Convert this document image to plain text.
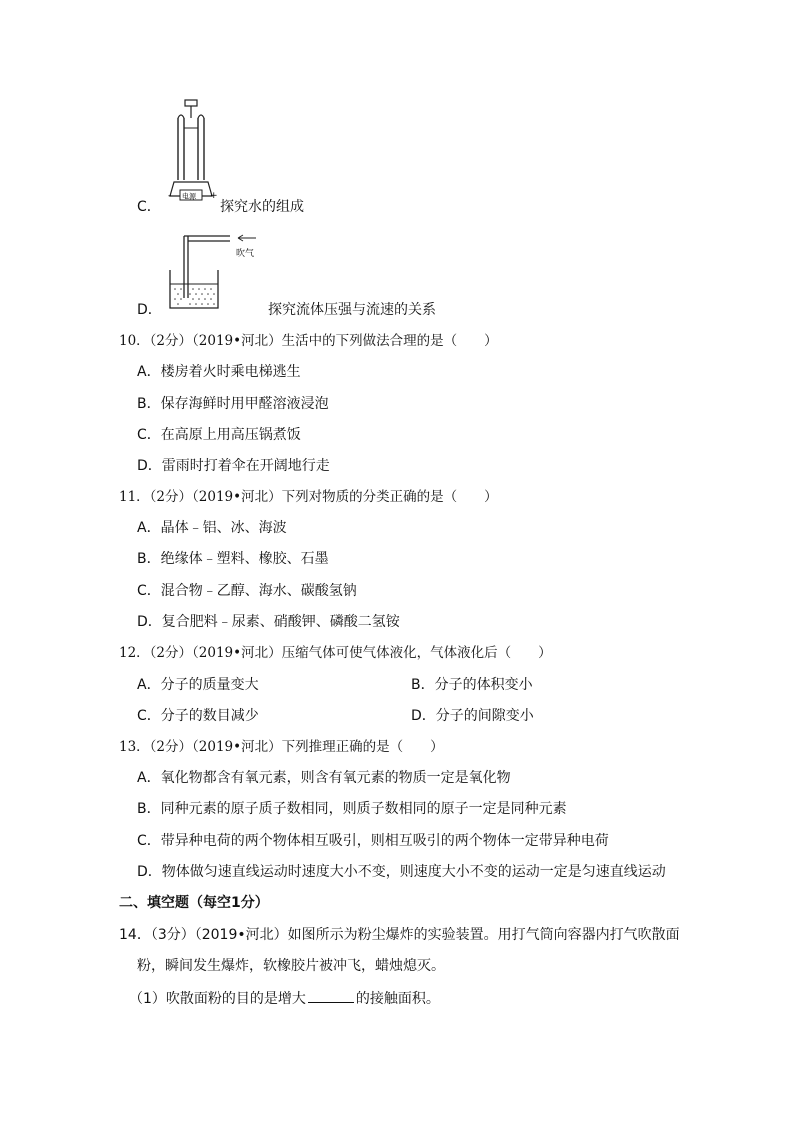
电源
-	+
C．	探究水的组成
吹气
D．	探究流体压强与流速的关系
10．（2分）（2019•河北）生活中的下列做法合理的是（　　）
A．楼房着火时乘电梯逃生
B．保存海鲜时用甲醛溶液浸泡
C．在高原上用高压锅煮饭
D．雷雨时打着伞在开阔地行走
11．（2分）（2019•河北）下列对物质的分类正确的是（　　）
A．晶体﹣铝、冰、海波
B．绝缘体﹣塑料、橡胶、石墨
C．混合物﹣乙醇、海水、碳酸氢钠
D．复合肥料﹣尿素、硝酸钾、磷酸二氢铵
12．（2分）（2019•河北）压缩气体可使气体液化，气体液化后（　　）
A．分子的质量变大	B．分子的体积变小
C．分子的数目减少	D．分子的间隙变小
13．（2分）（2019•河北）下列推理正确的是（　　）
A．氧化物都含有氧元素，则含有氧元素的物质一定是氧化物
B．同种元素的原子质子数相同，则质子数相同的原子一定是同种元素
C．带异种电荷的两个物体相互吸引，则相互吸引的两个物体一定带异种电荷
D．物体做匀速直线运动时速度大小不变，则速度大小不变的运动一定是匀速直线运动
二、填空题（每空1分）
14．（3分）（2019•河北）如图所示为粉尘爆炸的实验装置。用打气筒向容器内打气吹散面
粉，瞬间发生爆炸，软橡胶片被冲飞，蜡烛熄灭。
（1）吹散面粉的目的是增大	的接触面积。
